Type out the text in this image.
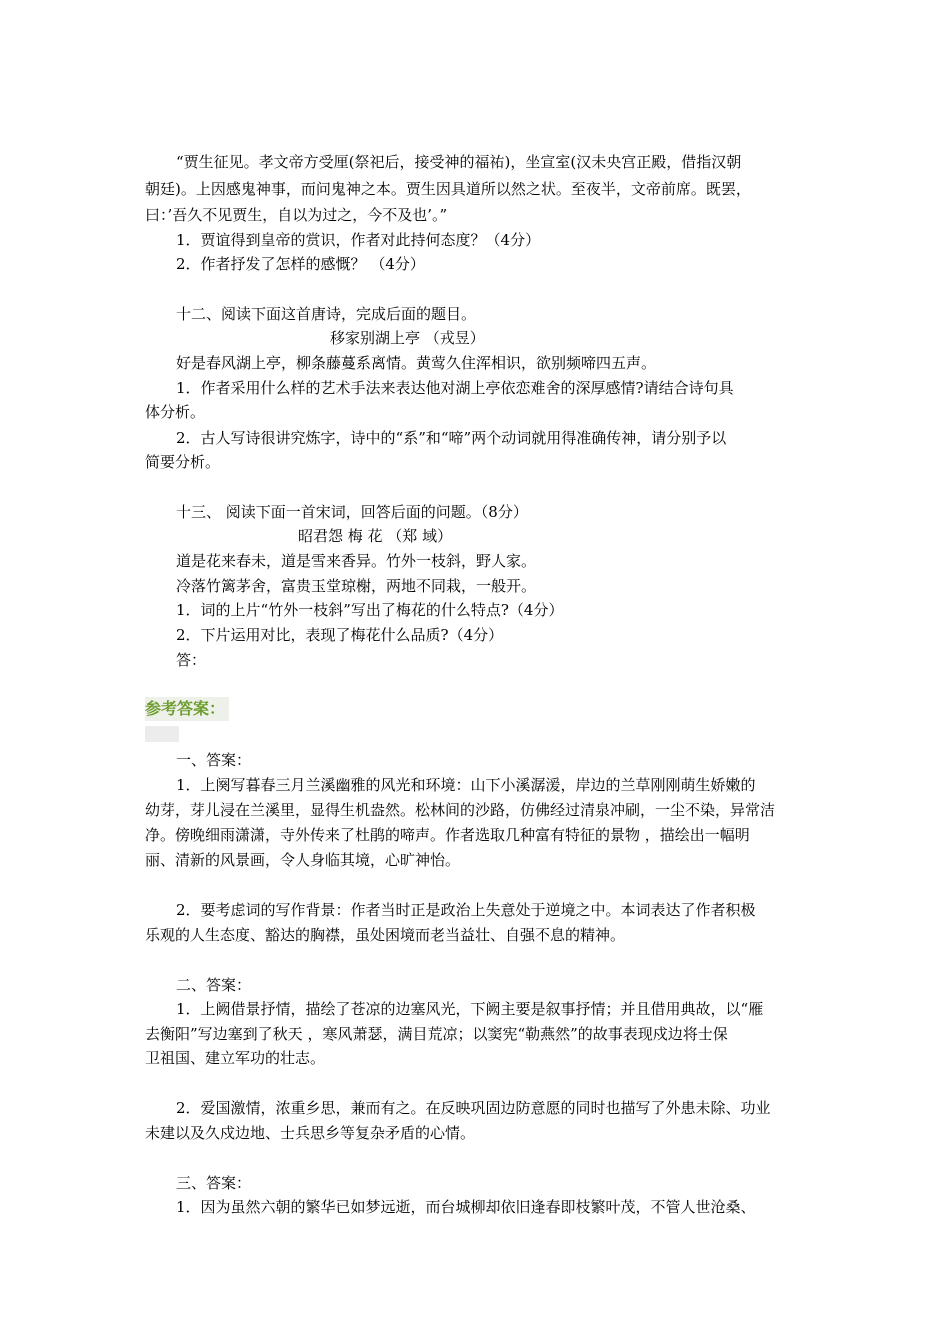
“贾生征见。孝文帝方受厘(祭祀后，接受神的福祐)，坐宣室(汉未央宫正殿，借指汉朝
朝廷)。上因感鬼神事，而问鬼神之本。贾生因具道所以然之状。至夜半，文帝前席。既罢，
曰：’吾久不见贾生，自以为过之，今不及也’。”
1．贾谊得到皇帝的赏识，作者对此持何态度？（4分）
2．作者抒发了怎样的感慨？ （4分）
十二、阅读下面这首唐诗，完成后面的题目。
移家别湖上亭 （戎昱）
好是春风湖上亭，柳条藤蔓系离情。黄莺久住浑相识，欲别频啼四五声。
1．作者采用什么样的艺术手法来表达他对湖上亭依恋难舍的深厚感情?请结合诗句具
体分析。
2．古人写诗很讲究炼字，诗中的“系”和“啼”两个动词就用得准确传神，请分别予以
简要分析。
十三、 阅读下面一首宋词，回答后面的问题。（8分）
昭君怨 梅 花 （郑 域）
道是花来春未，道是雪来香异。竹外一枝斜，野人家。
冷落竹篱茅舍，富贵玉堂琼榭，两地不同栽，一般开。
1．词的上片“竹外一枝斜”写出了梅花的什么特点?（4分）
2．下片运用对比，表现了梅花什么品质?（4分）
答：
参考答案：
一、答案：
1．上阕写暮春三月兰溪幽雅的风光和环境：山下小溪潺湲，岸边的兰草刚刚萌生娇嫩的
幼芽，芽儿浸在兰溪里，显得生机盎然。松林间的沙路，仿佛经过清泉冲刷，一尘不染，异常洁
净。傍晚细雨潇潇，寺外传来了杜鹃的啼声。作者选取几种富有特征的景物 ，描绘出一幅明
丽、清新的风景画，令人身临其境，心旷神怡。
2．要考虑词的写作背景：作者当时正是政治上失意处于逆境之中。本词表达了作者积极
乐观的人生态度、豁达的胸襟，虽处困境而老当益壮、自强不息的精神。
二、答案：
1．上阙借景抒情，描绘了苍凉的边塞风光，下阙主要是叙事抒情；并且借用典故，以“雁
去衡阳”写边塞到了秋天 ，寒风萧瑟，满目荒凉；以窦宪“勒燕然”的故事表现戍边将士保
卫祖国、建立军功的壮志。
2．爱国激情，浓重乡思，兼而有之。在反映巩固边防意愿的同时也描写了外患未除、功业
未建以及久戍边地、士兵思乡等复杂矛盾的心情。
三、答案：
1．因为虽然六朝的繁华已如梦远逝，而台城柳却依旧逢春即枝繁叶茂，不管人世沧桑、
